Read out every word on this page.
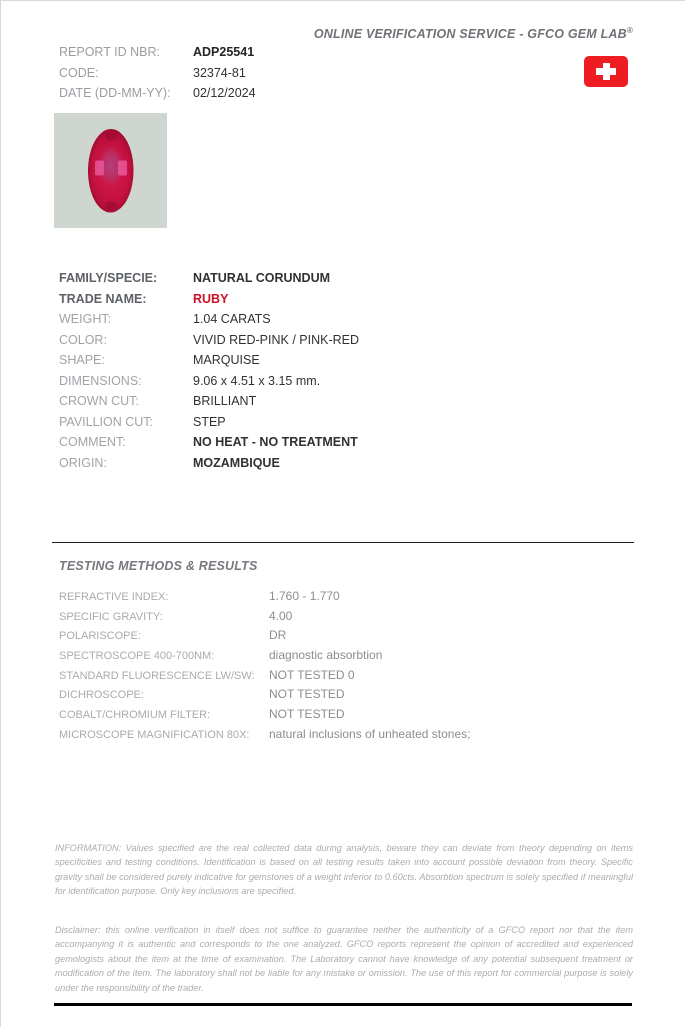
ONLINE VERIFICATION SERVICE - GFCO GEM LAB®
REPORT ID NBR:	ADP25541
CODE:	32374-81
DATE (DD-MM-YY):	02/12/2024
FAMILY/SPECIE:	NATURAL CORUNDUM
TRADE NAME:	RUBY
WEIGHT:	1.04 CARATS
COLOR:	VIVID RED-PINK / PINK-RED
SHAPE:	MARQUISE
DIMENSIONS:	9.06 x 4.51 x 3.15 mm.
CROWN CUT:	BRILLIANT
PAVILLION CUT:	STEP
COMMENT:	NO HEAT - NO TREATMENT
ORIGIN:	MOZAMBIQUE
TESTING METHODS & RESULTS
REFRACTIVE INDEX:	1.760 - 1.770
SPECIFIC GRAVITY:	4.00
POLARISCOPE:	DR
SPECTROSCOPE 400-700NM:	diagnostic absorbtion
STANDARD FLUORESCENCE LW/SW:	NOT TESTED 0
DICHROSCOPE:	NOT TESTED
COBALT/CHROMIUM FILTER:	NOT TESTED
MICROSCOPE MAGNIFICATION 80X:	natural inclusions of unheated stones;
INFORMATION: Values specified are the real collected data during analysis, beware they can deviate from theory depending on items specificities and testing conditions. Identification is based on all testing results taken into account possible deviation from theory. Specific gravity shall be considered purely indicative for gemstones of a weight inferior to 0.60cts. Absorbtion spectrum is solely specified if meaningful for identification purpose. Only key inclusions are specified.
Disclaimer: this online verification in itself does not suffice to guarantee neither the authenticity of a GFCO report nor that the item accompanying it is authentic and corresponds to the one analyzed. GFCO reports represent the opinion of accredited and experienced gemologists about the item at the time of examination. The Laboratory cannot have knowledge of any potential subsequent treatment or modification of the item. The laboratory shall not be liable for any mistake or omission. The use of this report for commercial purpose is solely under the responsibility of the trader.
